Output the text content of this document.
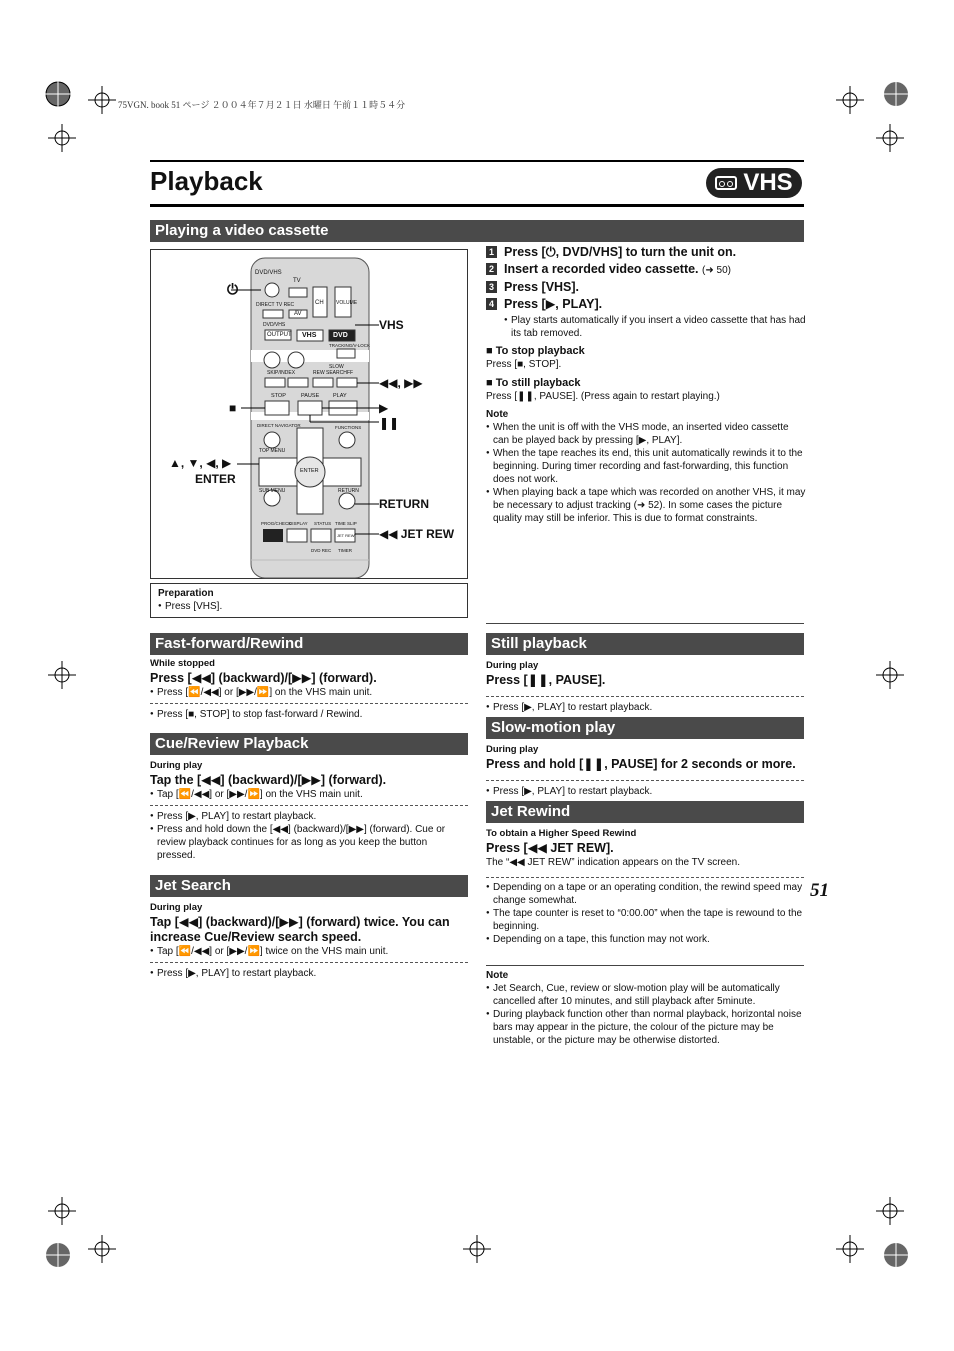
75VGN. book 51 ページ ２００４年７月２１日 水曜日 午前１１時５４分
Playback	VHS
Playing a video cassette
DVD/VHS
TV
CH VOLUME
DIRECT TV REC
AV
DVD/VHS
OUTPUT VHS DVD
TRACKING/V-LOCK
SKIP/INDEX
SLOW
REW SEARCH FF
STOP	PAUSE	PLAY
DIRECT NAVIGATOR
TOP MENU
FUNCTIONS
ENTER
SUB MENU	RETURN
PROG/CHECK
DISPLAY STATUS TIME SLIP
JET REW
DVD REC TIMER
⏻
VHS
◀◀, ▶▶
■	▶
❚❚
▲, ▼, ◀, ▶
ENTER
RETURN
◀◀ JET REW
Preparation
● Press [VHS].
1 Press [⏻, DVD/VHS] to turn the unit on.
2 Insert a recorded video cassette. (➜ 50)
3 Press [VHS].
4 Press [▶, PLAY].
● Play starts automatically if you insert a video cassette that has had its tab removed.
■ To stop playback
Press [■, STOP].
■ To still playback
Press [❚❚, PAUSE]. (Press again to restart playing.)
Note
● When the unit is off with the VHS mode, an inserted video cassette can be played back by pressing [▶, PLAY].
● When the tape reaches its end, this unit automatically rewinds it to the beginning. During timer recording and fast-forwarding, this function does not work.
● When playing back a tape which was recorded on another VHS, it may be necessary to adjust tracking (➜ 52). In some cases the picture quality may still be inferior. This is due to format constraints.
Fast-forward/Rewind
While stopped
Press [◀◀] (backward)/[▶▶] (forward).
● Press [⏪/◀◀] or [▶▶/⏩] on the VHS main unit.
● Press [■, STOP] to stop fast-forward / Rewind.
Cue/Review Playback
During play
Tap the [◀◀] (backward)/[▶▶] (forward).
● Tap [⏪/◀◀] or [▶▶/⏩] on the VHS main unit.
● Press [▶, PLAY] to restart playback.
● Press and hold down the [◀◀] (backward)/[▶▶] (forward). Cue or review playback continues for as long as you keep the button pressed.
Jet Search
During play
Tap [◀◀] (backward)/[▶▶] (forward) twice. You can increase Cue/Review search speed.
● Tap [⏪/◀◀] or [▶▶/⏩] twice on the VHS main unit.
● Press [▶, PLAY] to restart playback.
Still playback
During play
Press [❚❚, PAUSE].
● Press [▶, PLAY] to restart playback.
Slow-motion play
During play
Press and hold [❚❚, PAUSE] for 2 seconds or more.
● Press [▶, PLAY] to restart playback.
Jet Rewind
To obtain a Higher Speed Rewind
Press [◀◀ JET REW].
The “◀◀ JET REW” indication appears on the TV screen.
● Depending on a tape or an operating condition, the rewind speed may change somewhat.
● The tape counter is reset to “0:00.00” when the tape is rewound to the beginning.
● Depending on a tape, this function may not work.
Note
● Jet Search, Cue, review or slow-motion play will be automatically cancelled after 10 minutes, and still playback after 5minute.
● During playback function other than normal playback, horizontal noise bars may appear in the picture, the colour of the picture may be unstable, or the picture may be otherwise distorted.
51
